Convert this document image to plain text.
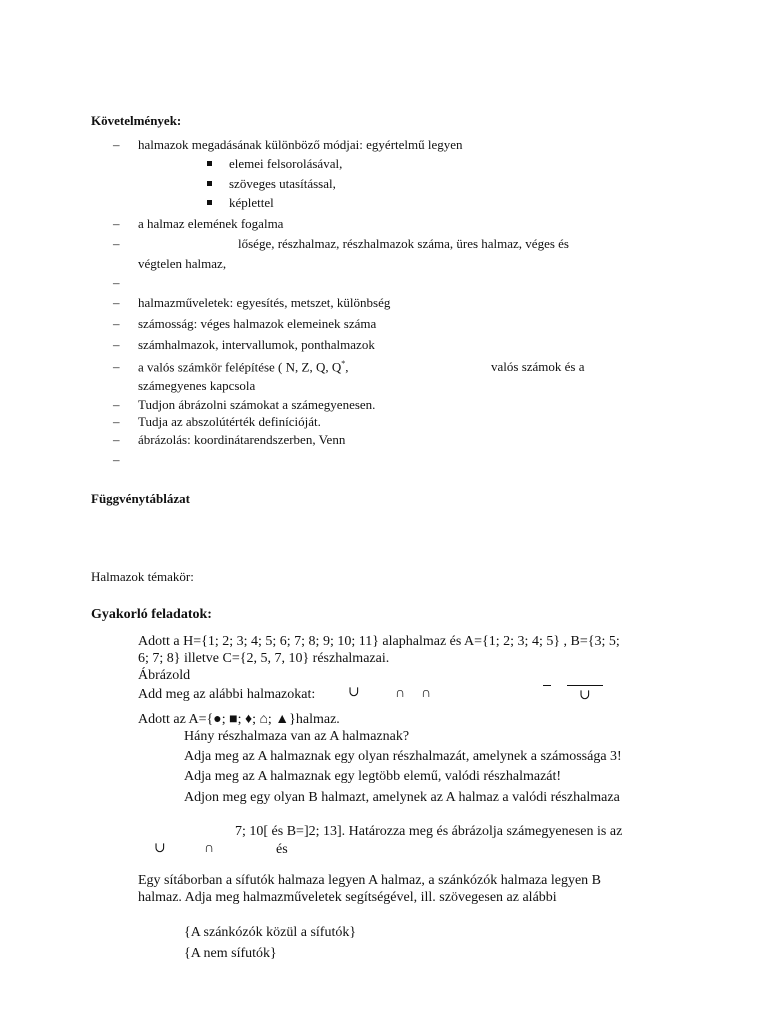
Követelmények:
– halmazok megadásának különböző módjai: egyértelmű legyen
elemei felsorolásával,
szöveges utasítással,
képlettel
– a halmaz elemének fogalma
–	lősége, részhalmaz, részhalmazok száma, üres halmaz, véges és
végtelen halmaz,
–
– halmazműveletek: egyesítés, metszet, különbség
– számosság: véges halmazok elemeinek száma
– számhalmazok, intervallumok, ponthalmazok
– a valós számkör felépítése ( N, Z, Q, Q*,	valós számok és a
számegyenes kapcsola
– Tudjon ábrázolni számokat a számegyenesen.
– Tudja az abszolútérték definícióját.
– ábrázolás: koordinátarendszerben, Venn
–
Függvénytáblázat
Halmazok témakör:
Gyakorló feladatok:
Adott a H={1; 2; 3; 4; 5; 6; 7; 8; 9; 10; 11} alaphalmaz és A={1; 2; 3; 4; 5} , B={3; 5;
6; 7; 8} illetve C={2, 5, 7, 10} részhalmazai.
Ábrázold
Add meg az alábbi halmazokat: ∪	∩ ∩	∪
Adott az A={●; ■; ♦; ⌂; ▲}halmaz.
Hány részhalmaza van az A halmaznak?
Adja meg az A halmaznak egy olyan részhalmazát, amelynek a számossága 3!
Adja meg az A halmaznak egy legtöbb elemű, valódi részhalmazát!
Adjon meg egy olyan B halmazt, amelynek az A halmaz a valódi részhalmaza
7; 10[ és B=]2; 13]. Határozza meg és ábrázolja számegyenesen is az
∪	∩	és
Egy sítáborban a sífutók halmaza legyen A halmaz, a szánkózók halmaza legyen B
halmaz. Adja meg halmazműveletek segítségével, ill. szövegesen az alábbi
{A szánkózók közül a sífutók}
{A nem sífutók}
